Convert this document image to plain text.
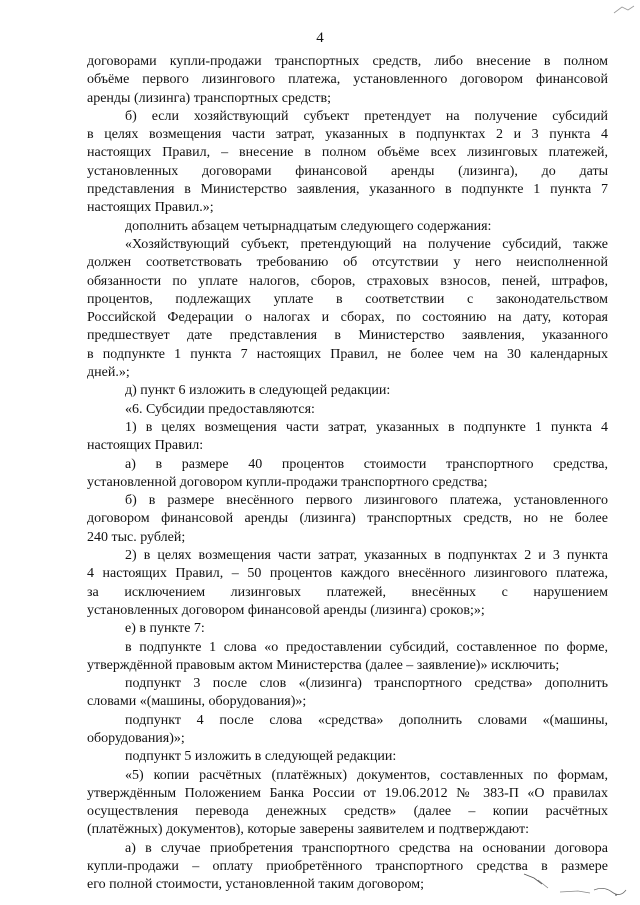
4
договорами купли-продажи транспортных средств, либо внесение в полном
объёме первого лизингового платежа, установленного договором финансовой
аренды (лизинга) транспортных средств;
б) если хозяйствующий субъект претендует на получение субсидий
в целях возмещения части затрат, указанных в подпунктах 2 и 3 пункта 4
настоящих Правил, – внесение в полном объёме всех лизинговых платежей,
установленных договорами финансовой аренды (лизинга), до даты
представления в Министерство заявления, указанного в подпункте 1 пункта 7
настоящих Правил.»;
дополнить абзацем четырнадцатым следующего содержания:
«Хозяйствующий субъект, претендующий на получение субсидий, также
должен соответствовать требованию об отсутствии у него неисполненной
обязанности по уплате налогов, сборов, страховых взносов, пеней, штрафов,
процентов, подлежащих уплате в соответствии с законодательством
Российской Федерации о налогах и сборах, по состоянию на дату, которая
предшествует дате представления в Министерство заявления, указанного
в подпункте 1 пункта 7 настоящих Правил, не более чем на 30 календарных
дней.»;
д) пункт 6 изложить в следующей редакции:
«6. Субсидии предоставляются:
1) в целях возмещения части затрат, указанных в подпункте 1 пункта 4
настоящих Правил:
а) в размере 40 процентов стоимости транспортного средства,
установленной договором купли-продажи транспортного средства;
б) в размере внесённого первого лизингового платежа, установленного
договором финансовой аренды (лизинга) транспортных средств, но не более
240 тыс. рублей;
2) в целях возмещения части затрат, указанных в подпунктах 2 и 3 пункта
4 настоящих Правил, – 50 процентов каждого внесённого лизингового платежа,
за исключением лизинговых платежей, внесённых с нарушением
установленных договором финансовой аренды (лизинга) сроков;»;
е) в пункте 7:
в подпункте 1 слова «о предоставлении субсидий, составленное по форме,
утверждённой правовым актом Министерства (далее – заявление)» исключить;
подпункт 3 после слов «(лизинга) транспортного средства» дополнить
словами «(машины, оборудования)»;
подпункт 4 после слова «средства» дополнить словами «(машины,
оборудования)»;
подпункт 5 изложить в следующей редакции:
«5) копии расчётных (платёжных) документов, составленных по формам,
утверждённым Положением Банка России от 19.06.2012 № 383-П «О правилах
осуществления перевода денежных средств» (далее – копии расчётных
(платёжных) документов), которые заверены заявителем и подтверждают:
а) в случае приобретения транспортного средства на основании договора
купли-продажи – оплату приобретённого транспортного средства в размере
его полной стоимости, установленной таким договором;
